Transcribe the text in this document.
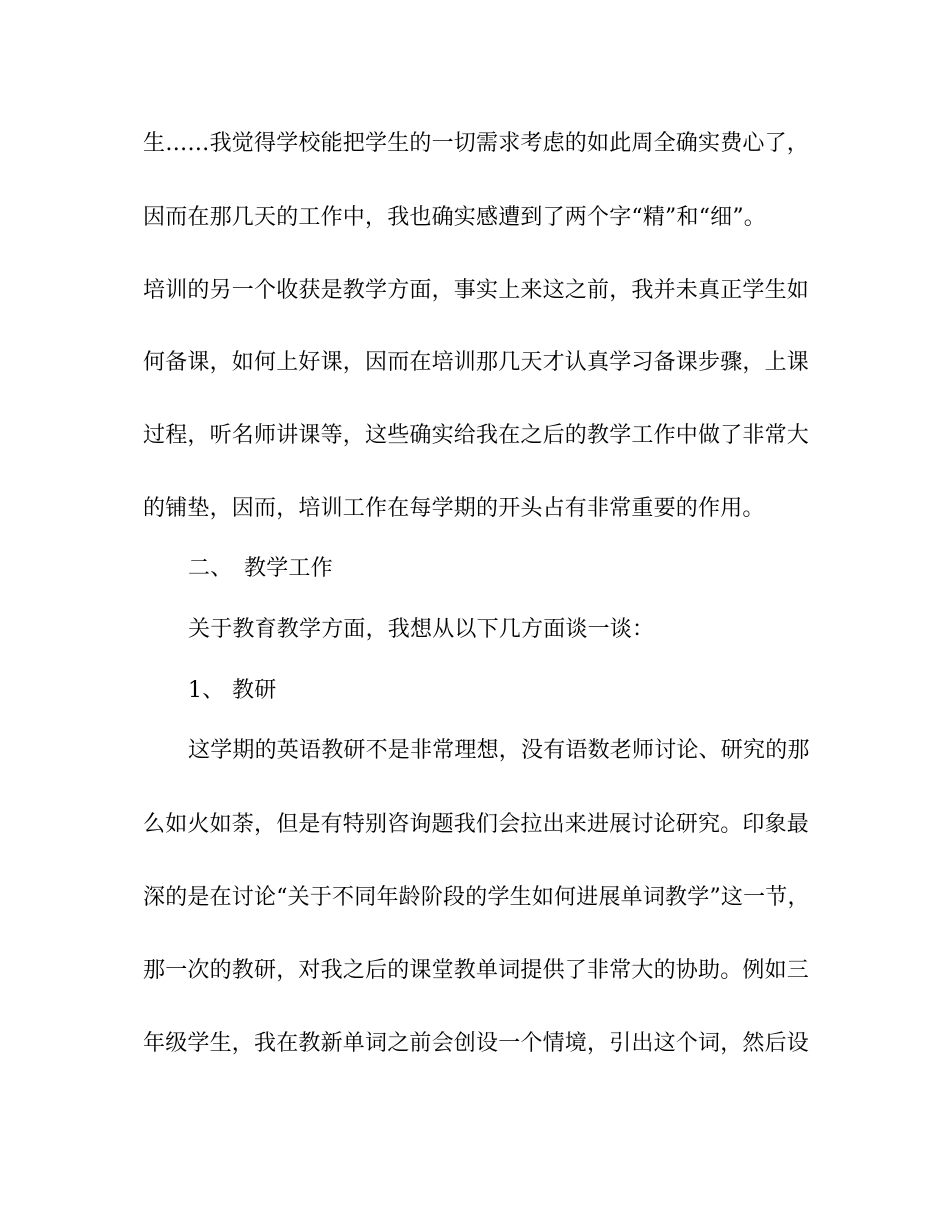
生……我觉得学校能把学生的一切需求考虑的如此周全确实费心了，
因而在那几天的工作中，我也确实感遭到了两个字“精”和“细”。
培训的另一个收获是教学方面，事实上来这之前，我并未真正学生如
何备课，如何上好课，因而在培训那几天才认真学习备课步骤，上课
过程，听名师讲课等，这些确实给我在之后的教学工作中做了非常大
的铺垫，因而，培训工作在每学期的开头占有非常重要的作用。
二、 教学工作
关于教育教学方面，我想从以下几方面谈一谈：
1、 教研
这学期的英语教研不是非常理想，没有语数老师讨论、研究的那
么如火如荼，但是有特别咨询题我们会拉出来进展讨论研究。印象最
深的是在讨论“关于不同年龄阶段的学生如何进展单词教学”这一节，
那一次的教研，对我之后的课堂教单词提供了非常大的协助。例如三
年级学生，我在教新单词之前会创设一个情境，引出这个词，然后设
